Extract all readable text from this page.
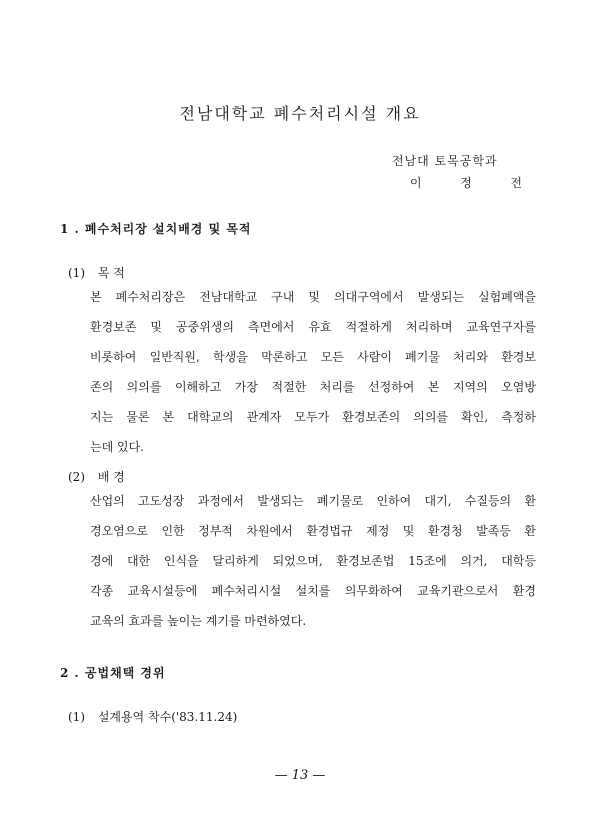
전남대학교 폐수처리시설 개요
전남대 토목공학과
이	정	전
1 . 폐수처리장 설치배경 및 목적
(1) 목 적
본 폐수처리장은 전남대학교 구내 및 의대구역에서 발생되는 실험폐액을
환경보존 및 공중위생의 측면에서 유효 적절하게 처리하며 교육연구자를
비롯하여 일반직원, 학생을 막론하고 모든 사람이 폐기물 처리와 환경보
존의 의의를 이해하고 가장 적절한 처리를 선정하여 본 지역의 오염방
지는 물론 본 대학교의 관계자 모두가 환경보존의 의의를 확인, 측정하
는데 있다.
(2) 배 경
산업의 고도성장 과정에서 발생되는 폐기물로 인하여 대기, 수질등의 환
경오염으로 인한 정부적 차원에서 환경법규 제정 및 환경청 발족등 환
경에 대한 인식을 달리하게 되었으며, 환경보존법 15조에 의거, 대학등
각종 교육시설등에 폐수처리시설 설치를 의무화하여 교육기관으로서 환경
교육의 효과를 높이는 계기를 마련하였다.
2 . 공법채택 경위
(1) 설계용역 착수('83.11.24)
— 13 —
